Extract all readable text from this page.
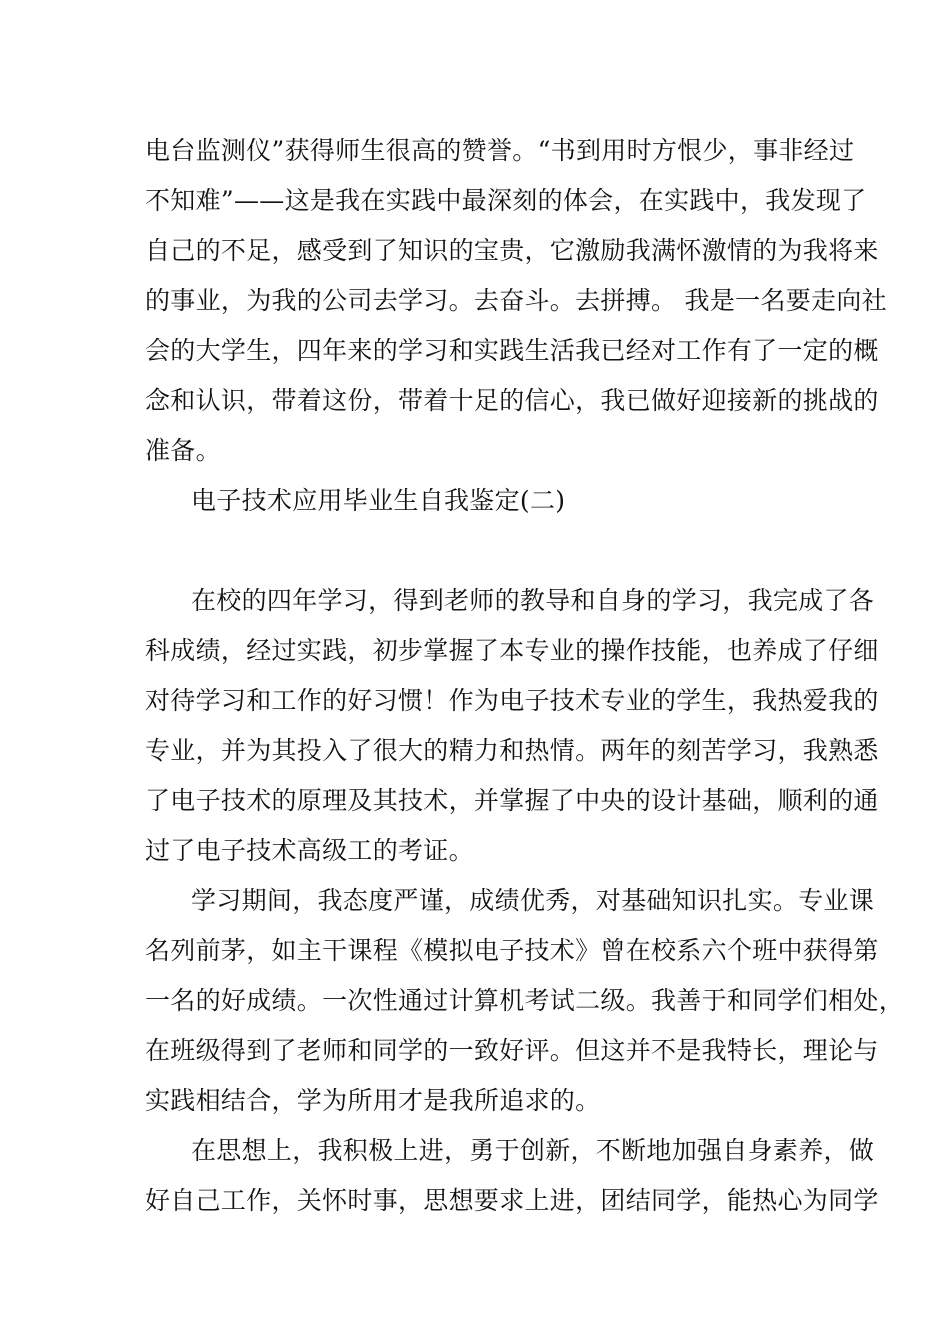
电台监测仪”获得师生很高的赞誉。“书到用时方恨少，事非经过
不知难”——这是我在实践中最深刻的体会，在实践中，我发现了
自己的不足，感受到了知识的宝贵，它激励我满怀激情的为我将来
的事业，为我的公司去学习。去奋斗。去拼搏。 我是一名要走向社
会的大学生，四年来的学习和实践生活我已经对工作有了一定的概
念和认识，带着这份，带着十足的信心，我已做好迎接新的挑战的
准备。
电子技术应用毕业生自我鉴定(二)
在校的四年学习，得到老师的教导和自身的学习，我完成了各
科成绩，经过实践，初步掌握了本专业的操作技能，也养成了仔细
对待学习和工作的好习惯！作为电子技术专业的学生，我热爱我的
专业，并为其投入了很大的精力和热情。两年的刻苦学习，我熟悉
了电子技术的原理及其技术，并掌握了中央的设计基础，顺利的通
过了电子技术高级工的考证。
学习期间，我态度严谨，成绩优秀，对基础知识扎实。专业课
名列前茅，如主干课程《模拟电子技术》曾在校系六个班中获得第
一名的好成绩。一次性通过计算机考试二级。我善于和同学们相处，
在班级得到了老师和同学的一致好评。但这并不是我特长，理论与
实践相结合，学为所用才是我所追求的。
在思想上，我积极上进，勇于创新，不断地加强自身素养，做
好自己工作，关怀时事，思想要求上进，团结同学，能热心为同学
